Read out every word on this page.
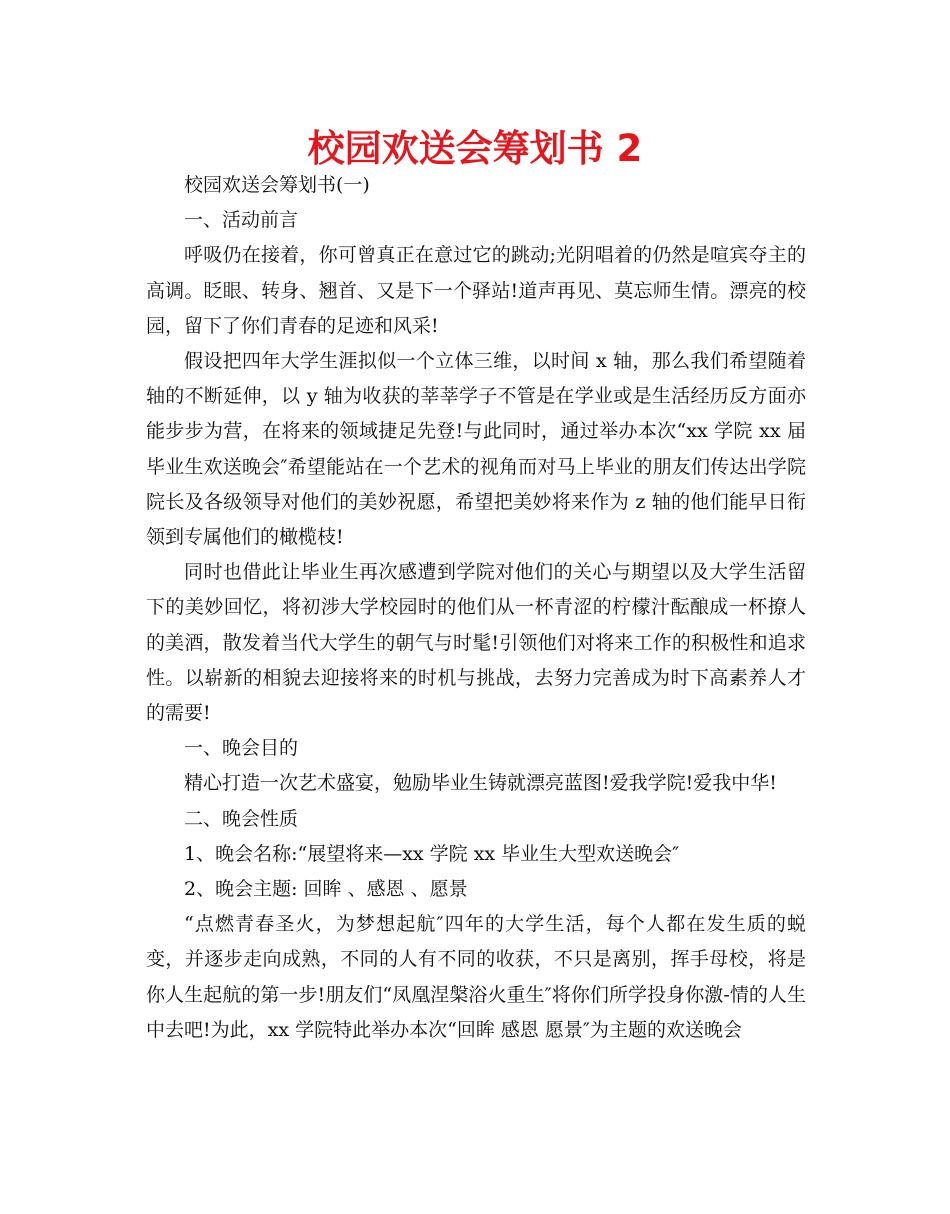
校园欢送会筹划书 2

校园欢送会筹划书(一)

一、活动前言

呼吸仍在接着，你可曾真正在意过它的跳动;光阴唱着的仍然是喧宾夺主的高调。眨眼、转身、翘首、又是下一个驿站!道声再见、莫忘师生情。漂亮的校园，留下了你们青春的足迹和风采!

假设把四年大学生涯拟似一个立体三维，以时间 x 轴，那么我们希望随着轴的不断延伸，以 y 轴为收获的莘莘学子不管是在学业或是生活经历反方面亦能步步为营，在将来的领域捷足先登!与此同时，通过举办本次“xx 学院 xx 届毕业生欢送晚会″希望能站在一个艺术的视角而对马上毕业的朋友们传达出学院院长及各级领导对他们的美妙祝愿，希望把美妙将来作为 z 轴的他们能早日衔领到专属他们的橄榄枝!

同时也借此让毕业生再次感遭到学院对他们的关心与期望以及大学生活留下的美妙回忆，将初涉大学校园时的他们从一杯青涩的柠檬汁酝酿成一杯撩人的美酒，散发着当代大学生的朝气与时髦!引领他们对将来工作的积极性和追求性。以崭新的相貌去迎接将来的时机与挑战，去努力完善成为时下高素养人才的需要!

一、晚会目的

精心打造一次艺术盛宴，勉励毕业生铸就漂亮蓝图!爱我学院!爱我中华!

二、晚会性质

1、晚会名称:“展望将来—xx 学院 xx 毕业生大型欢送晚会″

2、晚会主题: 回眸 、感恩 、愿景

“点燃青春圣火，为梦想起航″四年的大学生活，每个人都在发生质的蜕变，并逐步走向成熟，不同的人有不同的收获，不只是离别，挥手母校，将是你人生起航的第一步!朋友们“凤凰涅槃浴火重生″将你们所学投身你激-情的人生中去吧!为此，xx 学院特此举办本次“回眸 感恩 愿景″为主题的欢送晚会
